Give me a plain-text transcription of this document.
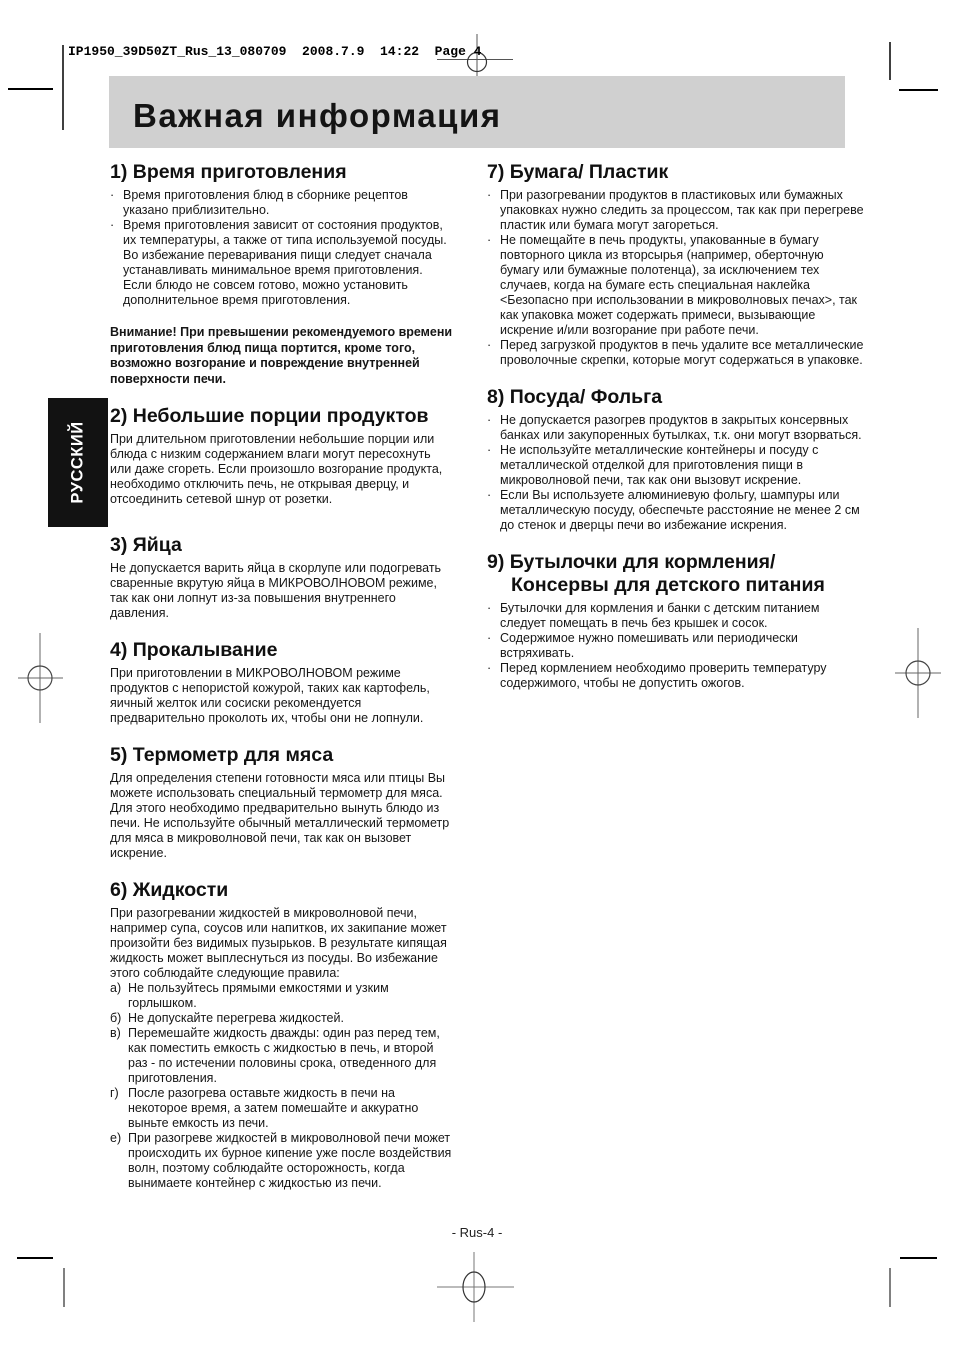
IP1950_39D50ZT_Rus_13_080709  2008.7.9  14:22  Page 4
Важная информация
РУССКИЙ
1) Время приготовления
· Время приготовления блюд в сборнике рецептов указано приблизительно.
· Время приготовления зависит от состояния продуктов, их температуры, а также от типа используемой посуды.
Во избежание переваривания пищи следует сначала устанавливать минимальное время приготовления. Если блюдо не совсем готово, можно установить дополнительное время приготовления.
Внимание! При превышении рекомендуемого времени приготовления блюд пища портится, кроме того, возможно возгорание и повреждение внутренней поверхности печи.
2) Небольшие порции продуктов
При длительном приготовлении небольшие порции или блюда с низким содержанием влаги могут пересохнуть или даже сгореть. Если произошло возгорание продукта, необходимо отключить печь, не открывая дверцу, и отсоединить сетевой шнур от розетки.
3) Яйца
Не допускается варить яйца в скорлупе или подогревать сваренные вкрутую яйца в МИКРОВОЛНОВОМ режиме, так как они лопнут из-за повышения внутреннего давления.
4) Прокалывание
При приготовлении в МИКРОВОЛНОВОМ режиме продуктов с непористой кожурой, таких как картофель, яичный желток или сосиски рекомендуется предварительно проколоть их, чтобы они не лопнули.
5) Термометр для мяса
Для определения степени готовности мяса или птицы Вы можете использовать специальный термометр для мяса. Для этого необходимо предварительно вынуть блюдо из печи. Не используйте обычный металлический термометр для мяса в микроволновой печи, так как он вызовет искрение.
6) Жидкости
При разогревании жидкостей в микроволновой печи, например супа, соусов или напитков, их закипание может произойти без видимых пузырьков. В результате кипящая жидкость может выплеснуться из посуды. Во избежание этого соблюдайте следующие правила:
а) Не пользуйтесь прямыми емкостями и узким горлышком.
б) Не допускайте перегрева жидкостей.
в) Перемешайте жидкость дважды: один раз перед тем, как поместить емкость с жидкостью в печь, и второй раз - по истечении половины срока, отведенного для приготовления.
г) После разогрева оставьте жидкость в печи на некоторое время, а затем помешайте и аккуратно выньте емкость из печи.
е) При разогреве жидкостей в микроволновой печи может происходить их бурное кипение уже после воздействия волн, поэтому соблюдайте осторожность, когда вынимаете контейнер с жидкостью из печи.
7) Бумага/ Пластик
· При разогревании продуктов в пластиковых или бумажных упаковках нужно следить за процессом, так как при перегреве пластик или бумага могут загореться.
· Не помещайте в печь продукты, упакованные в бумагу повторного цикла из вторсырья (например, оберточную бумагу или бумажные полотенца), за исключением тех случаев, когда на бумаге есть специальная наклейка <Безопасно при использовании в микроволновых печах>, так как упаковка может содержать примеси, вызывающие искрение и/или возгорание при работе печи.
· Перед загрузкой продуктов в печь удалите все металлические проволочные скрепки, которые могут содержаться в упаковке.
8) Посуда/ Фольга
· Не допускается разогрев продуктов в закрытых консервных банках или закупоренных бутылках, т.к. они могут взорваться.
· Не используйте металлические контейнеры и посуду с металлической отделкой для приготовления пищи в микроволновой печи, так как они вызовут искрение.
· Если Вы используете алюминиевую фольгу, шампуры или металлическую посуду, обеспечьте расстояние не менее 2 см до стенок и дверцы печи во избежание искрения.
9) Бутылочки для кормления/
Консервы для детского питания
· Бутылочки для кормления и банки с детским питанием следует помещать в печь без крышек и сосок.
· Содержимое нужно помешивать или периодически встряхивать.
· Перед кормлением необходимо проверить температуру содержимого, чтобы не допустить ожогов.
- Rus-4 -
